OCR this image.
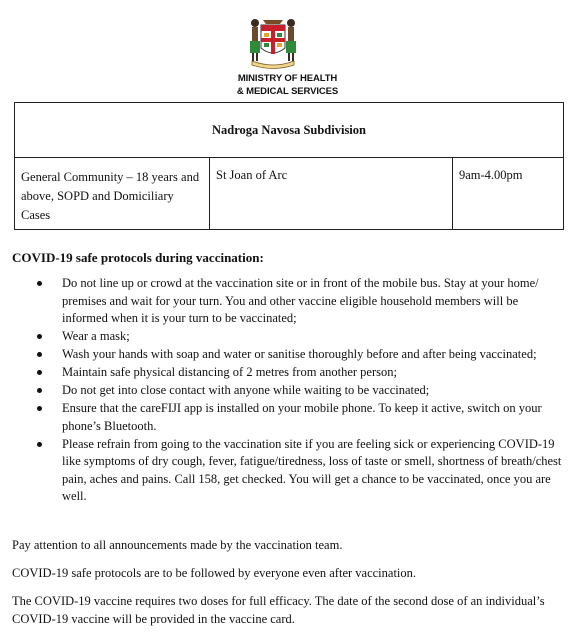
MINISTRY OF HEALTH
& MEDICAL SERVICES
Nadroga Navosa Subdivision
General Community – 18 years and above, SOPD and Domiciliary Cases	St Joan of Arc	9am-4.00pm
COVID-19 safe protocols during vaccination:
Do not line up or crowd at the vaccination site or in front of the mobile bus. Stay at your home/ premises and wait for your turn. You and other vaccine eligible household members will be informed when it is your turn to be vaccinated;
Wear a mask;
Wash your hands with soap and water or sanitise thoroughly before and after being vaccinated;
Maintain safe physical distancing of 2 metres from another person;
Do not get into close contact with anyone while waiting to be vaccinated;
Ensure that the careFIJI app is installed on your mobile phone. To keep it active, switch on your phone’s Bluetooth.
Please refrain from going to the vaccination site if you are feeling sick or experiencing COVID-19 like symptoms of dry cough, fever, fatigue/tiredness, loss of taste or smell, shortness of breath/chest pain, aches and pains. Call 158, get checked. You will get a chance to be vaccinated, once you are well.

Pay attention to all announcements made by the vaccination team.

COVID-19 safe protocols are to be followed by everyone even after vaccination.

The COVID-19 vaccine requires two doses for full efficacy. The date of the second dose of an individual’s COVID-19 vaccine will be provided in the vaccine card.
